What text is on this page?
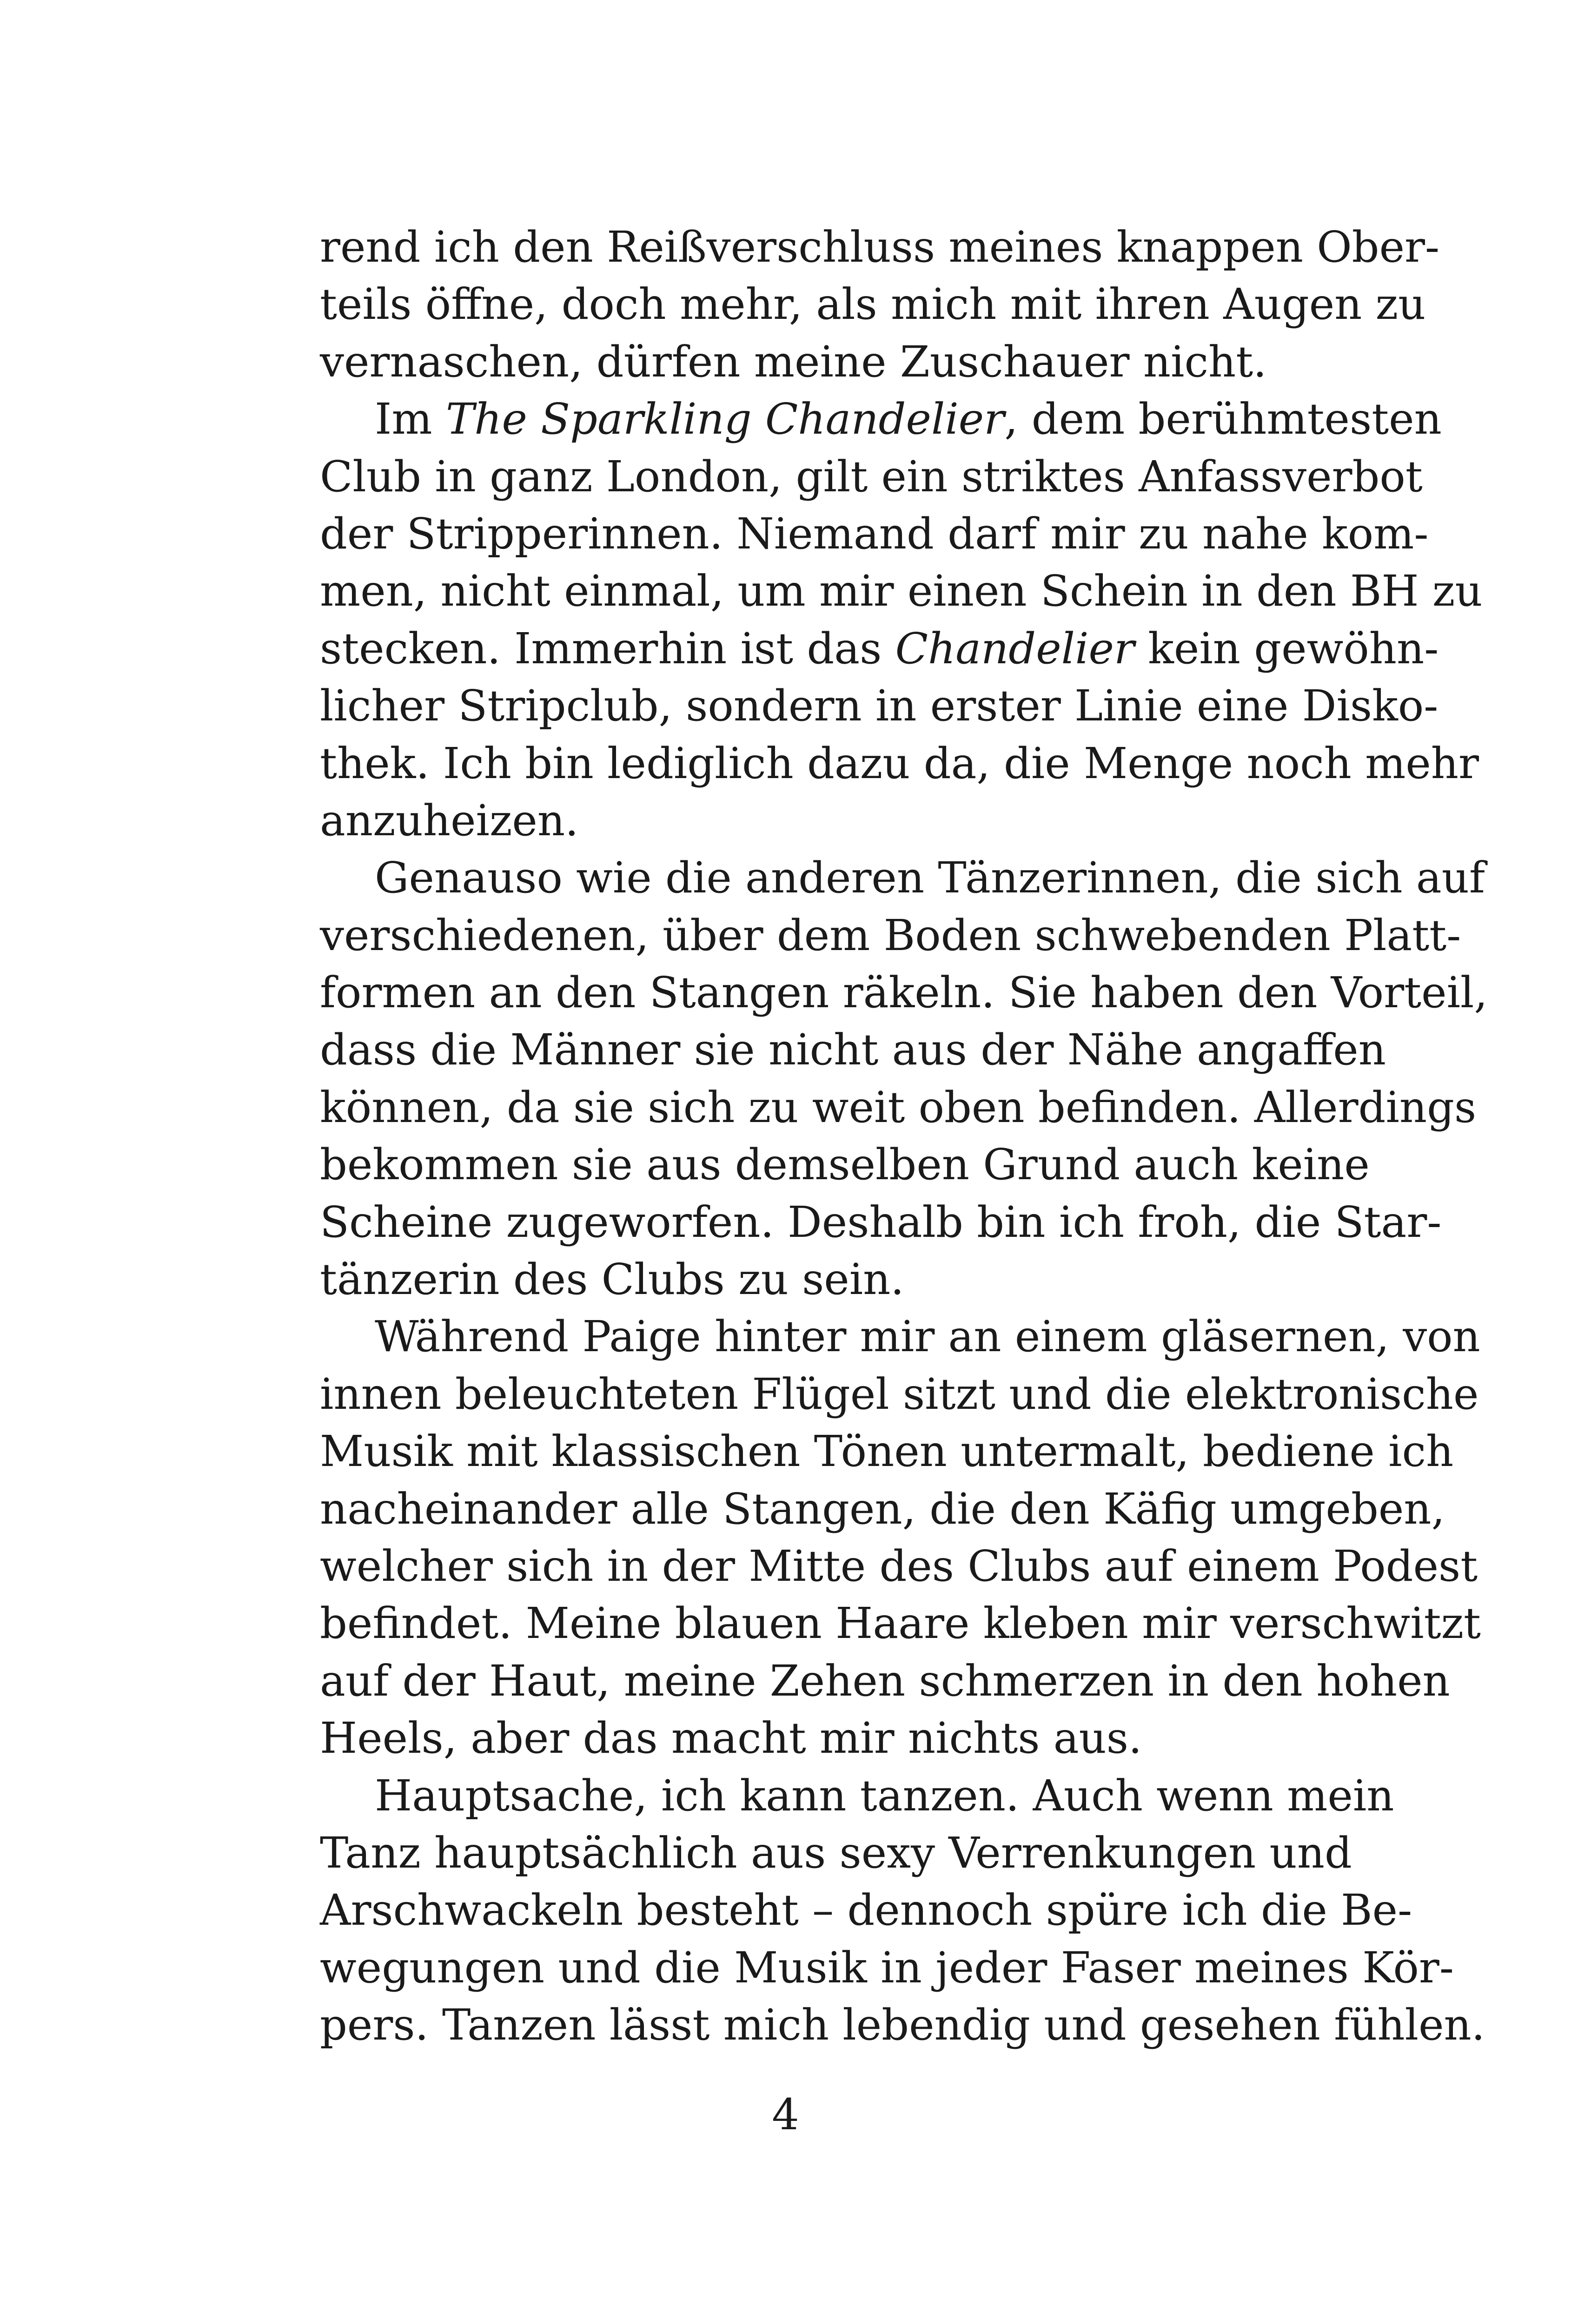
rend ich den Reißverschluss meines knappen Ober-
teils öffne, doch mehr, als mich mit ihren Augen zu
vernaschen, dürfen meine Zuschauer nicht.
Im The Sparkling Chandelier, dem berühmtesten
Club in ganz London, gilt ein striktes Anfassverbot
der Stripperinnen. Niemand darf mir zu nahe kom-
men, nicht einmal, um mir einen Schein in den BH zu
stecken. Immerhin ist das Chandelier kein gewöhn-
licher Stripclub, sondern in erster Linie eine Disko-
thek. Ich bin lediglich dazu da, die Menge noch mehr
anzuheizen.
Genauso wie die anderen Tänzerinnen, die sich auf
verschiedenen, über dem Boden schwebenden Platt-
formen an den Stangen räkeln. Sie haben den Vorteil,
dass die Männer sie nicht aus der Nähe angaffen
können, da sie sich zu weit oben befinden. Allerdings
bekommen sie aus demselben Grund auch keine
Scheine zugeworfen. Deshalb bin ich froh, die Star-
tänzerin des Clubs zu sein.
Während Paige hinter mir an einem gläsernen, von
innen beleuchteten Flügel sitzt und die elektronische
Musik mit klassischen Tönen untermalt, bediene ich
nacheinander alle Stangen, die den Käfig umgeben,
welcher sich in der Mitte des Clubs auf einem Podest
befindet. Meine blauen Haare kleben mir verschwitzt
auf der Haut, meine Zehen schmerzen in den hohen
Heels, aber das macht mir nichts aus.
Hauptsache, ich kann tanzen. Auch wenn mein
Tanz hauptsächlich aus sexy Verrenkungen und
Arschwackeln besteht – dennoch spüre ich die Be-
wegungen und die Musik in jeder Faser meines Kör-
pers. Tanzen lässt mich lebendig und gesehen fühlen.
4
